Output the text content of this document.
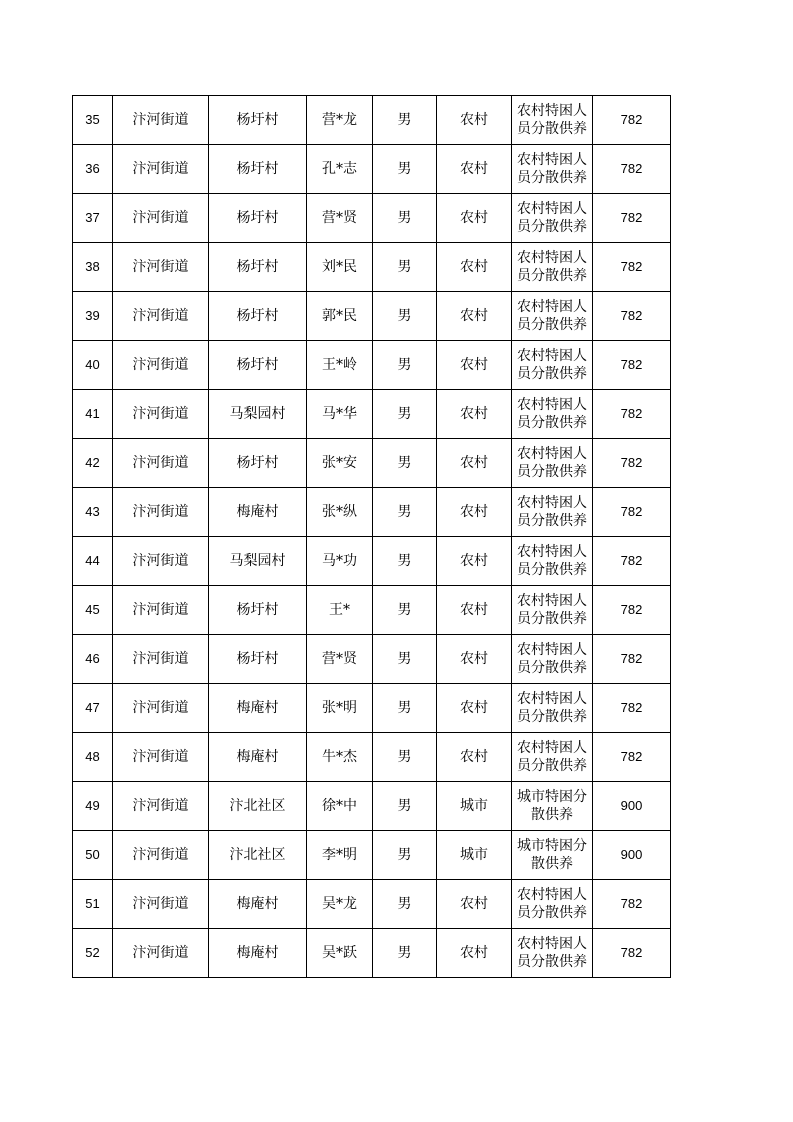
35	汴河街道	杨圩村	营*龙	男	农村	农村特困人员分散供养	782
36	汴河街道	杨圩村	孔*志	男	农村	农村特困人员分散供养	782
37	汴河街道	杨圩村	营*贤	男	农村	农村特困人员分散供养	782
38	汴河街道	杨圩村	刘*民	男	农村	农村特困人员分散供养	782
39	汴河街道	杨圩村	郭*民	男	农村	农村特困人员分散供养	782
40	汴河街道	杨圩村	王*岭	男	农村	农村特困人员分散供养	782
41	汴河街道	马梨园村	马*华	男	农村	农村特困人员分散供养	782
42	汴河街道	杨圩村	张*安	男	农村	农村特困人员分散供养	782
43	汴河街道	梅庵村	张*纵	男	农村	农村特困人员分散供养	782
44	汴河街道	马梨园村	马*功	男	农村	农村特困人员分散供养	782
45	汴河街道	杨圩村	王*	男	农村	农村特困人员分散供养	782
46	汴河街道	杨圩村	营*贤	男	农村	农村特困人员分散供养	782
47	汴河街道	梅庵村	张*明	男	农村	农村特困人员分散供养	782
48	汴河街道	梅庵村	牛*杰	男	农村	农村特困人员分散供养	782
49	汴河街道	汴北社区	徐*中	男	城市	城市特困分散供养	900
50	汴河街道	汴北社区	李*明	男	城市	城市特困分散供养	900
51	汴河街道	梅庵村	吴*龙	男	农村	农村特困人员分散供养	782
52	汴河街道	梅庵村	吴*跃	男	农村	农村特困人员分散供养	782
